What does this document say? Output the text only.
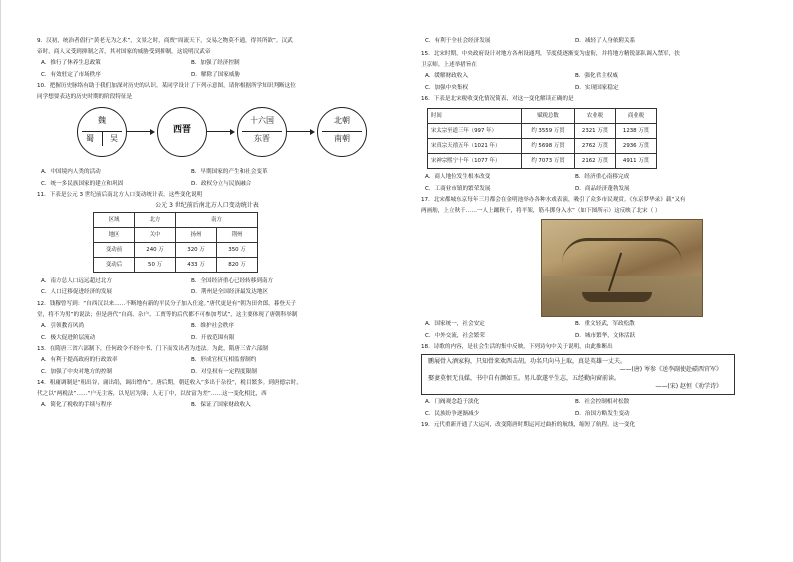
9．汉初，统治者倡行“黄老无为之术”，文景之时，商贾“周流天下，交易之物莫不通，得其所欲”。汉武

帝时，商人又受到抑制之苦，其对国家的威胁受到抑制。这说明汉武帝

A．推行了休养生息政策	B．加强了经济控制
C．有效驻定了市场秩序	D．解除了国家威胁

10．把握历史脉络有助于我们加深对历史的认识。某同学设计了下列示意图，请你根据所学知识判断这位

同学想要表达的历史时期的阶段特征是

魏
蜀	吴
西晋
十六国
东晋
北朝
南朝
A．中国境内人类的活动	B．早期国家的产生和社会变革
C．统一多民族国家的建立和巩固	D．政权分立与民族融合

11．下表是公元 3 世纪前后南北方人口变动统计表。这些变化说明

公元 3 世纪前后南北方人口变动统计表
区域	北方	南方	
地区	关中	扬州	荆州
变动前	240 万	320 万	350 万
变动后	50 万	433 万	820 万
A．南方总人口远远超过北方	B．全国经济重心已经转移到南方
C．人口迁移促进经济的发展	D．荆州是全国经济最发达地区

12．钱穆曾写到：“自西汉以来……不断地有新的平民分子加入仕途。”唐代更是有“朝为田舍郎，暮登天子

堂，将不为男”的说法；但是唐代“自商、杂户、工贾等的后代都不可参加考试”，这主要体现了唐朝科举制

A．引领教育风尚	B．维护社会秩序
C．极大促进阶层流动	D．开放范围有限

13．在隋唐三省六部制下，任何政令不经中书、门下而发出者为违法。为此，隋唐三省六部制

A．有利于提高政府的行政效率	B．形成官权互相监督制约
C．加强了中央对地方的控制	D．对皇权有一定程度限制

14．租庸调制是“租出谷，庸出绢，调出缯布”。唐后期，朝廷收入“多出于杂役”，税目繁多。到唐德宗时，

代之以“两税法”……“户无主客，以见居为簿；人无丁中，以贫富为差”……这一变化相比，西

A．简化了税收的手续与程序	B．保证了国家财政收入
C．有利于全社会经济发展	D．减轻了人身依附关系

15．北宋时期，中央政府设计对地方各州设通判，节度使逐渐变为虚衔，并将地方精锐部队调入禁军，扶

卫京师。上述举措旨在

A．缓解财政收入	B．强化君主权威
C．加强中央集权	D．实现国家稳定

16．下表是北宋税收变化情况简表，对这一变化解读正确的是

时间	赋税总数	农业税	商业税
宋太宗至道三年（997 年）	约 3559 万贯	2321 万贯	1238 万贯
宋真宗天禧五年（1021 年）	约 5698 万贯	2762 万贯	2936 万贯
宋神宗熙宁十年（1077 年）	约 7073 万贯	2162 万贯	4911 万贯
A．商人地位发生根本改变	B．经济重心南移完成
C．工商业市镇的繁荣发展	D．商品经济蓬勃发展

17．北宋都城东京每年三月都会在金明池举办各种水戏表演，吸引了众多市民观赏。《东京梦华录》载“又有

两画舫，上立秋千……一人上蹴秋千，将平架，筋斗掷身入水”（如下图所示）这反映了北宋（ ）

A．国家统一，社会安定	B．重文轻武，军政松散
C．中外交流，社会繁荣	D．城市繁华，文体活跃

18．诗歌的内容，是社会生活的集中反映。下列诗句中关于说明，由此推断出

鹏展骨入酒家狗，只知骨来欢西击胡。功名只向马上取，真是英雄一丈夫。
——(唐) 岑参《送李副使赴碛西官军》
娶妻莫恨无良媒，书中自有颜如玉。男儿欲遂平生志，五经勤向窗前读。
——(宋) 赵恒《劝学诗》
A．门阀观念趋于淡化	B．社会控制相对松散
C．民族纷争逐渐减少	D．治国方略发生变动

19．元代重新开通了大运河，改变隋唐时期运河过曲折的航线，缩短了航程。这一变化
